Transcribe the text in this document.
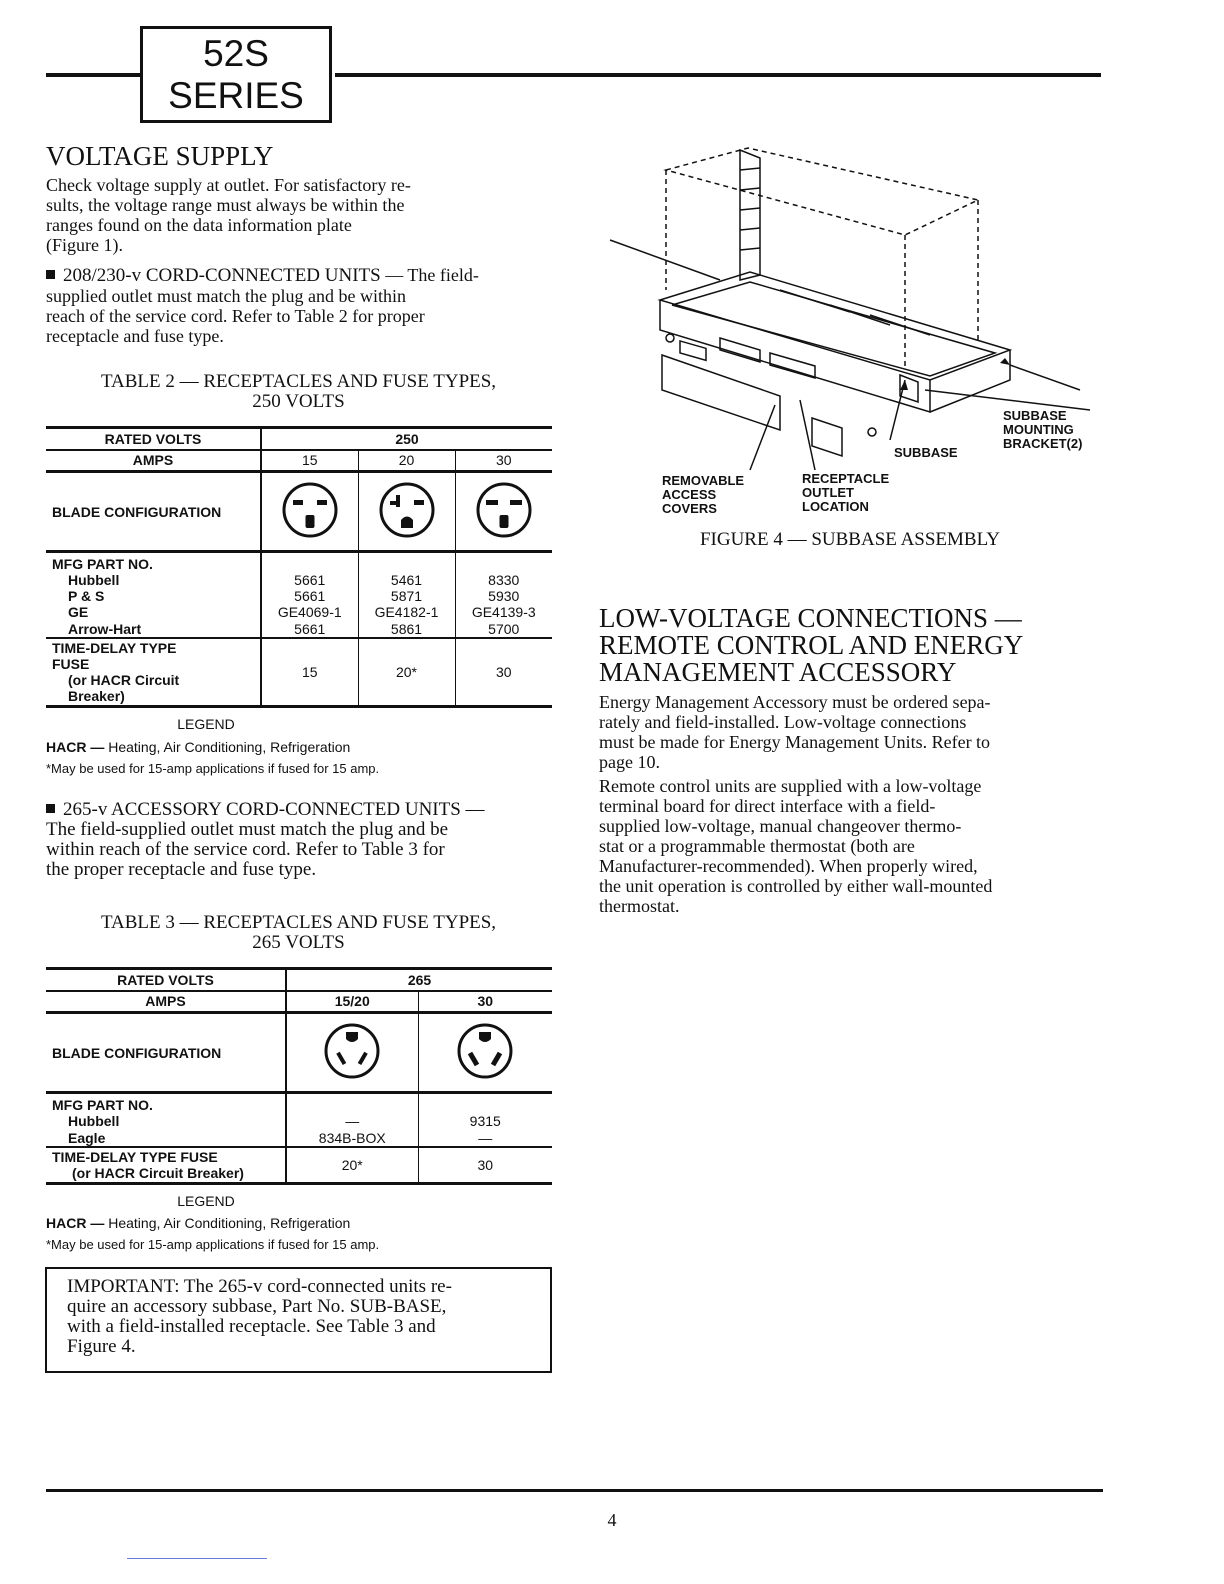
52S
SERIES
VOLTAGE SUPPLY

Check voltage supply at outlet. For satisfactory re-
sults, the voltage range must always be within the
ranges found on the data information plate
(Figure 1).

208/230-v CORD-CONNECTED UNITS — The field-
supplied outlet must match the plug and be within
reach of the service cord. Refer to Table 2 for proper
receptacle and fuse type.

TABLE 2 — RECEPTACLES AND FUSE TYPES,
250 VOLTS
RATED VOLTS	250		
AMPS	15	20	30
BLADE CONFIGURATION			
MFG PART NO.			
Hubbell	5661	5461	8330
P & S	5661	5871	5930
GE	GE4069-1	GE4182-1	GE4139-3
Arrow-Hart	5661	5861	5700

TIME-DELAY TYPE
FUSE
(or HACR Circuit
Breaker)	15	20*	30
LEGEND
HACR — Heating, Air Conditioning, Refrigeration
*May be used for 15-amp applications if fused for 15 amp.

265-v ACCESSORY CORD-CONNECTED UNITS —

The field-supplied outlet must match the plug and be
within reach of the service cord. Refer to Table 3 for
the proper receptacle and fuse type.

TABLE 3 — RECEPTACLES AND FUSE TYPES,
265 VOLTS
RATED VOLTS	265	
AMPS	15/20	30
BLADE CONFIGURATION		
MFG PART NO.		
Hubbell	—	9315
Eagle	834B-BOX	—

TIME-DELAY TYPE FUSE
(or HACR Circuit Breaker)	20*	30
LEGEND
HACR — Heating, Air Conditioning, Refrigeration
*May be used for 15-amp applications if fused for 15 amp.
IMPORTANT: The 265-v cord-connected units re-
quire an accessory subbase, Part No. SUB-BASE,
with a field-installed receptacle. See Table 3 and
Figure 4.
SUBBASE
MOUNTING
BRACKET(2)
SUBBASE
REMOVABLE
ACCESS
COVERS
RECEPTACLE
OUTLET
LOCATION
FIGURE 4 — SUBBASE ASSEMBLY
LOW-VOLTAGE CONNECTIONS —
REMOTE CONTROL AND ENERGY
MANAGEMENT ACCESSORY

Energy Management Accessory must be ordered sepa-
rately and field-installed. Low-voltage connections
must be made for Energy Management Units. Refer to
page 10.

Remote control units are supplied with a low-voltage
terminal board for direct interface with a field-
supplied low-voltage, manual changeover thermo-
stat or a programmable thermostat (both are
Manufacturer-recommended). When properly wired,
the unit operation is controlled by either wall-mounted
thermostat.

4
